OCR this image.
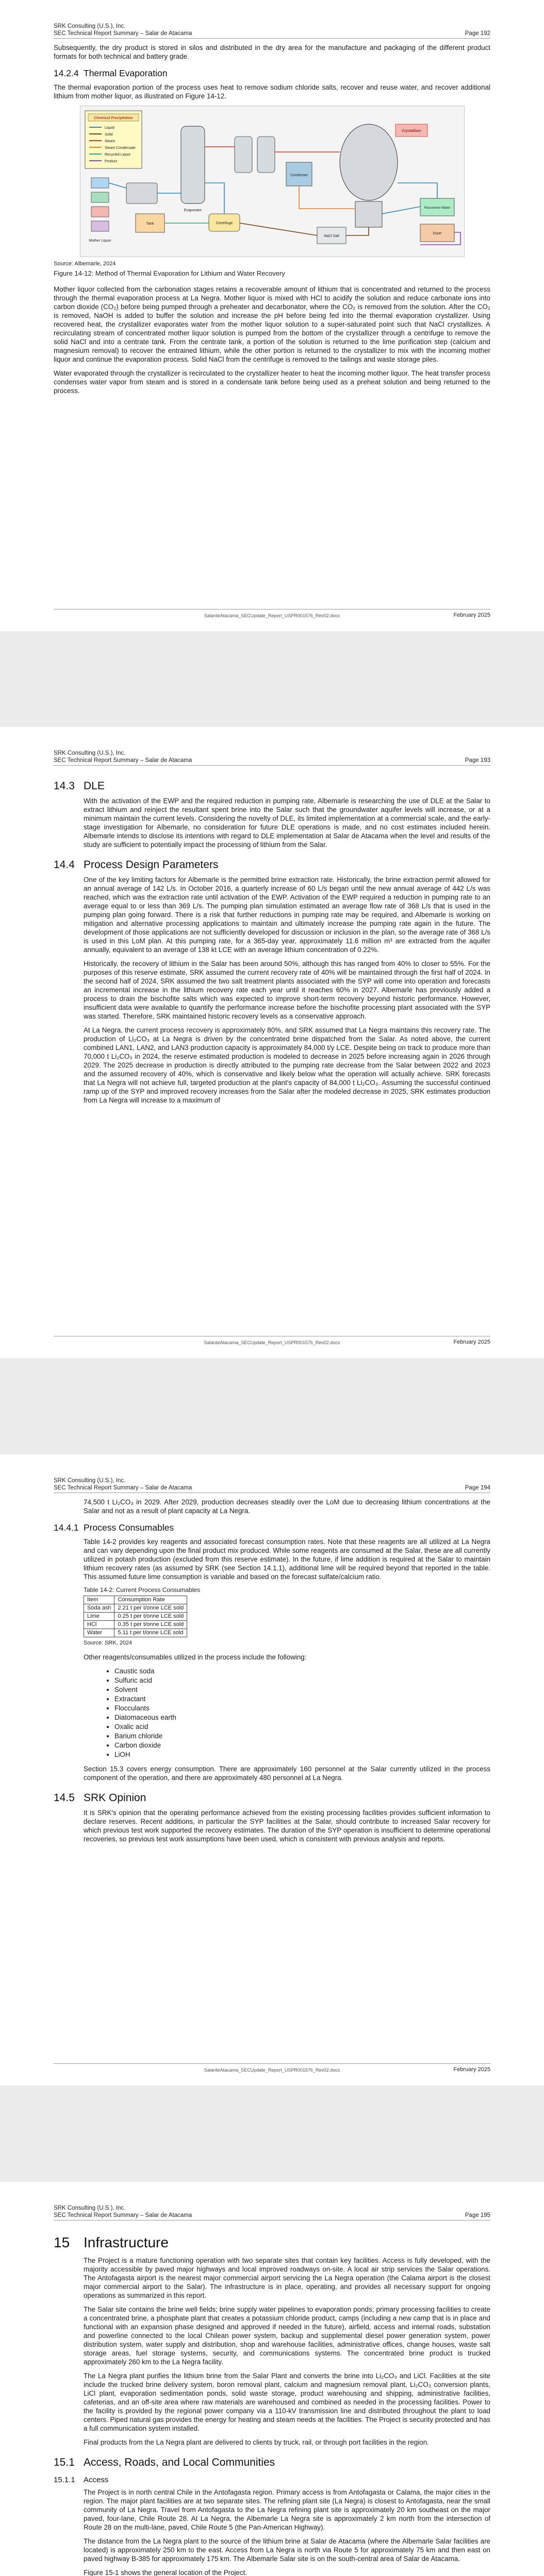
SRK Consulting (U.S.), Inc.
SEC Technical Report Summary – Salar de Atacama	Page 192

Subsequently, the dry product is stored in silos and distributed in the dry area for the manufacture and packaging of the different product formats for both technical and battery grade.

14.2.4 Thermal Evaporation

The thermal evaporation portion of the process uses heat to remove sodium chloride salts, recover and reuse water, and recover additional lithium from mother liquor, as illustrated on Figure 14-12.

Chemical Precipitation
Liquid
Solid
Steam
Steam Condensate
Recycled Liquor
Product
Mother Liquor
Tank
Evaporator
Centrifuge
Condenser
Crystallizer
Recovered Water
Dryer
NaCl Salt
Source: Albemarle, 2024
Figure 14-12: Method of Thermal Evaporation for Lithium and Water Recovery

Mother liquor collected from the carbonation stages retains a recoverable amount of lithium that is concentrated and returned to the process through the thermal evaporation process at La Negra. Mother liquor is mixed with HCl to acidify the solution and reduce carbonate ions into carbon dioxide (CO₂) before being pumped through a preheater and decarbonator, where the CO₂ is removed from the solution. After the CO₂ is removed, NaOH is added to buffer the solution and increase the pH before being fed into the thermal evaporation crystallizer. Using recovered heat, the crystallizer evaporates water from the mother liquor solution to a super-saturated point such that NaCl crystallizes. A recirculating stream of concentrated mother liquor solution is pumped from the bottom of the crystallizer through a centrifuge to remove the solid NaCl and into a centrate tank. From the centrate tank, a portion of the solution is returned to the lime purification step (calcium and magnesium removal) to recover the entrained lithium, while the other portion is returned to the crystallizer to mix with the incoming mother liquor and continue the evaporation process. Solid NaCl from the centrifuge is removed to the tailings and waste storage piles.

Water evaporated through the crystallizer is recirculated to the crystallizer heater to heat the incoming mother liquor. The heat transfer process condenses water vapor from steam and is stored in a condensate tank before being used as a preheat solution and being returned to the process.

SalardeAtacama_SECUpdate_Report_USPR001576_Rev02.docx	February 2025
SRK Consulting (U.S.), Inc.
SEC Technical Report Summary – Salar de Atacama	Page 193
14.3 DLE

With the activation of the EWP and the required reduction in pumping rate, Albemarle is researching the use of DLE at the Salar to extract lithium and reinject the resultant spent brine into the Salar such that the groundwater aquifer levels will increase, or at a minimum maintain the current levels. Considering the novelty of DLE, its limited implementation at a commercial scale, and the early-stage investigation for Albemarle, no consideration for future DLE operations is made, and no cost estimates included herein. Albemarle intends to disclose its intentions with regard to DLE implementation at Salar de Atacama when the level and results of the study are sufficient to potentially impact the processing of lithium from the Salar.

14.4 Process Design Parameters

One of the key limiting factors for Albemarle is the permitted brine extraction rate. Historically, the brine extraction permit allowed for an annual average of 142 L/s. In October 2016, a quarterly increase of 60 L/s began until the new annual average of 442 L/s was reached, which was the extraction rate until activation of the EWP. Activation of the EWP required a reduction in pumping rate to an average equal to or less than 369 L/s. The pumping plan simulation estimated an average flow rate of 368 L/s that is used in the pumping plan going forward. There is a risk that further reductions in pumping rate may be required, and Albemarle is working on mitigation and alternative processing applications to maintain and ultimately increase the pumping rate again in the future. The development of those applications are not sufficiently developed for discussion or inclusion in the plan, so the average rate of 368 L/s is used in this LoM plan. At this pumping rate, for a 365-day year, approximately 11.6 million m³ are extracted from the aquifer annually, equivalent to an average of 138 kt LCE with an average lithium concentration of 0.22%.

Historically, the recovery of lithium in the Salar has been around 50%, although this has ranged from 40% to closer to 55%. For the purposes of this reserve estimate, SRK assumed the current recovery rate of 40% will be maintained through the first half of 2024. In the second half of 2024, SRK assumed the two salt treatment plants associated with the SYP will come into operation and forecasts an incremental increase in the lithium recovery rate each year until it reaches 60% in 2027. Albemarle has previously added a process to drain the bischofite salts which was expected to improve short-term recovery beyond historic performance. However, insufficient data were available to quantify the performance increase before the bischofite processing plant associated with the SYP was started. Therefore, SRK maintained historic recovery levels as a conservative approach.

At La Negra, the current process recovery is approximately 80%, and SRK assumed that La Negra maintains this recovery rate. The production of Li₂CO₃ at La Negra is driven by the concentrated brine dispatched from the Salar. As noted above, the current combined LAN1, LAN2, and LAN3 production capacity is approximately 84,000 t/y LCE. Despite being on track to produce more than 70,000 t Li₂CO₃ in 2024, the reserve estimated production is modeled to decrease in 2025 before increasing again in 2026 through 2029. The 2025 decrease in production is directly attributed to the pumping rate decrease from the Salar between 2022 and 2023 and the assumed recovery of 40%, which is conservative and likely below what the operation will actually achieve. SRK forecasts that La Negra will not achieve full, targeted production at the plant's capacity of 84,000 t Li₂CO₃. Assuming the successful continued ramp up of the SYP and improved recovery increases from the Salar after the modeled decrease in 2025, SRK estimates production from La Negra will increase to a maximum of

SalardeAtacama_SECUpdate_Report_USPR001576_Rev02.docx	February 2025
SRK Consulting (U.S.), Inc.
SEC Technical Report Summary – Salar de Atacama	Page 194

74,500 t Li₂CO₃ in 2029. After 2029, production decreases steadily over the LoM due to decreasing lithium concentrations at the Salar and not as a result of plant capacity at La Negra.

14.4.1 Process Consumables

Table 14-2 provides key reagents and associated forecast consumption rates. Note that these reagents are all utilized at La Negra and can vary depending upon the final product mix produced. While some reagents are consumed at the Salar, these are all currently utilized in potash production (excluded from this reserve estimate). In the future, if lime addition is required at the Salar to maintain lithium recovery rates (as assumed by SRK (see Section 14.1.1), additional lime will be required beyond that reported in the table. This assumed future lime consumption is variable and based on the forecast sulfate/calcium ratio.

Table 14-2: Current Process Consumables
Item	Consumption Rate
Soda ash	2.21 t per t/onne LCE sold
Lime	0.25 t per t/onne LCE sold
HCl	0.35 t per t/onne LCE sold
Water	5.11 t per t/onne LCE sold
Source: SRK, 2024

Other reagents/consumables utilized in the process include the following:

• Caustic soda
• Sulfuric acid
• Solvent
• Extractant
• Flocculants
• Diatomaceous earth
• Oxalic acid
• Barium chloride
• Carbon dioxide
• LiOH

Section 15.3 covers energy consumption. There are approximately 160 personnel at the Salar currently utilized in the process component of the operation, and there are approximately 480 personnel at La Negra.

14.5 SRK Opinion

It is SRK's opinion that the operating performance achieved from the existing processing facilities provides sufficient information to declare reserves. Recent additions, in particular the SYP facilities at the Salar, should contribute to increased Salar recovery for which previous test work supported the recovery estimates. The duration of the SYP operation is insufficient to determine operational recoveries, so previous test work assumptions have been used, which is consistent with previous analysis and reports.

SalardeAtacama_SECUpdate_Report_USPR001576_Rev02.docx	February 2025
SRK Consulting (U.S.), Inc.
SEC Technical Report Summary – Salar de Atacama	Page 195
15 Infrastructure

The Project is a mature functioning operation with two separate sites that contain key facilities. Access is fully developed, with the majority accessible by paved major highways and local improved roadways on-site. A local air strip services the Salar operations. The Antofagasta airport is the nearest major commercial airport servicing the La Negra operation (the Calama airport is the closest major commercial airport to the Salar). The infrastructure is in place, operating, and provides all necessary support for ongoing operations as summarized in this report.

The Salar site contains the brine well fields; brine supply water pipelines to evaporation ponds; primary processing facilities to create a concentrated brine, a phosphate plant that creates a potassium chloride product, camps (including a new camp that is in place and functional with an expansion phase designed and approved if needed in the future), airfield, access and internal roads, substation and powerline connected to the local Chilean power system, backup and supplemental diesel power generation system, power distribution system, water supply and distribution, shop and warehouse facilities, administrative offices, change houses, waste salt storage areas, fuel storage systems, security, and communications systems. The concentrated brine product is trucked approximately 260 km to the La Negra facility.

The La Negra plant purifies the lithium brine from the Salar Plant and converts the brine into Li₂CO₃ and LiCl. Facilities at the site include the trucked brine delivery system, boron removal plant, calcium and magnesium removal plant, Li₂CO₃ conversion plants, LiCl plant, evaporation sedimentation ponds, solid waste storage, product warehousing and shipping, administrative facilities, cafeterias, and an off-site area where raw materials are warehoused and combined as needed in the processing facilities. Power to the facility is provided by the regional power company via a 110-kV transmission line and distributed throughout the plant to load centers. Piped natural gas provides the energy for heating and steam needs at the facilities. The Project is security protected and has a full communication system installed.

Final products from the La Negra plant are delivered to clients by truck, rail, or through port facilities in the region.

15.1 Access, Roads, and Local Communities
15.1.1 Access

The Project is in north central Chile in the Antofagasta region. Primary access is from Antofagasta or Calama, the major cities in the region. The major plant facilities are at two separate sites. The refining plant site (La Negra) is closest to Antofagasta, near the small community of La Negra. Travel from Antofagasta to the La Negra refining plant site is approximately 20 km southeast on the major paved, four-lane, Chile Route 28. At La Negra, the Albemarle La Negra site is approximately 2 km north from the intersection of Route 28 on the multi-lane, paved, Chile Route 5 (the Pan-American Highway).

The distance from the La Negra plant to the source of the lithium brine at Salar de Atacama (where the Albemarle Salar facilities are located) is approximately 250 km to the east. Access from La Negra is north via Route 5 for approximately 75 km and then east on paved highway B-385 for approximately 175 km. The Albemarle Salar site is on the south-central area of Salar de Atacama.

Figure 15-1 shows the general location of the Project.
